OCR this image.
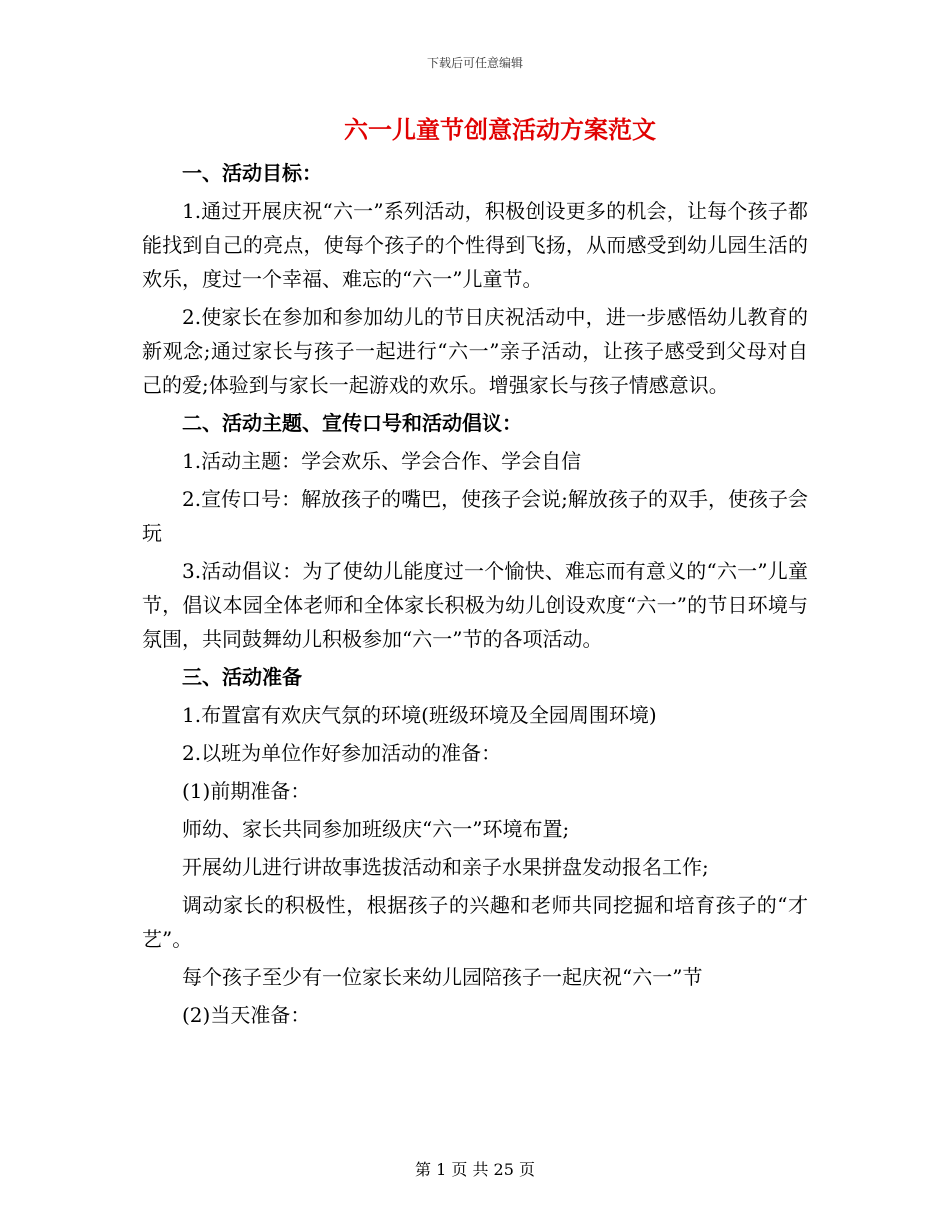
下载后可任意编辑
六一儿童节创意活动方案范文
一、活动目标：
1.通过开展庆祝“六一”系列活动，积极创设更多的机会，让每个孩子都能找到自己的亮点，使每个孩子的个性得到飞扬，从而感受到幼儿园生活的欢乐，度过一个幸福、难忘的“六一”儿童节。
2.使家长在参加和参加幼儿的节日庆祝活动中，进一步感悟幼儿教育的新观念;通过家长与孩子一起进行“六一”亲子活动，让孩子感受到父母对自己的爱;体验到与家长一起游戏的欢乐。增强家长与孩子情感意识。
二、活动主题、宣传口号和活动倡议：
1.活动主题：学会欢乐、学会合作、学会自信
2.宣传口号：解放孩子的嘴巴，使孩子会说;解放孩子的双手，使孩子会玩
3.活动倡议：为了使幼儿能度过一个愉快、难忘而有意义的“六一”儿童节，倡议本园全体老师和全体家长积极为幼儿创设欢度“六一”的节日环境与氛围，共同鼓舞幼儿积极参加“六一”节的各项活动。
三、活动准备
1.布置富有欢庆气氛的环境(班级环境及全园周围环境)
2.以班为单位作好参加活动的准备：
(1)前期准备：
师幼、家长共同参加班级庆“六一”环境布置;
开展幼儿进行讲故事选拔活动和亲子水果拼盘发动报名工作;
调动家长的积极性，根据孩子的兴趣和老师共同挖掘和培育孩子的“才艺”。
每个孩子至少有一位家长来幼儿园陪孩子一起庆祝“六一”节
(2)当天准备：
第 1 页 共 25 页
